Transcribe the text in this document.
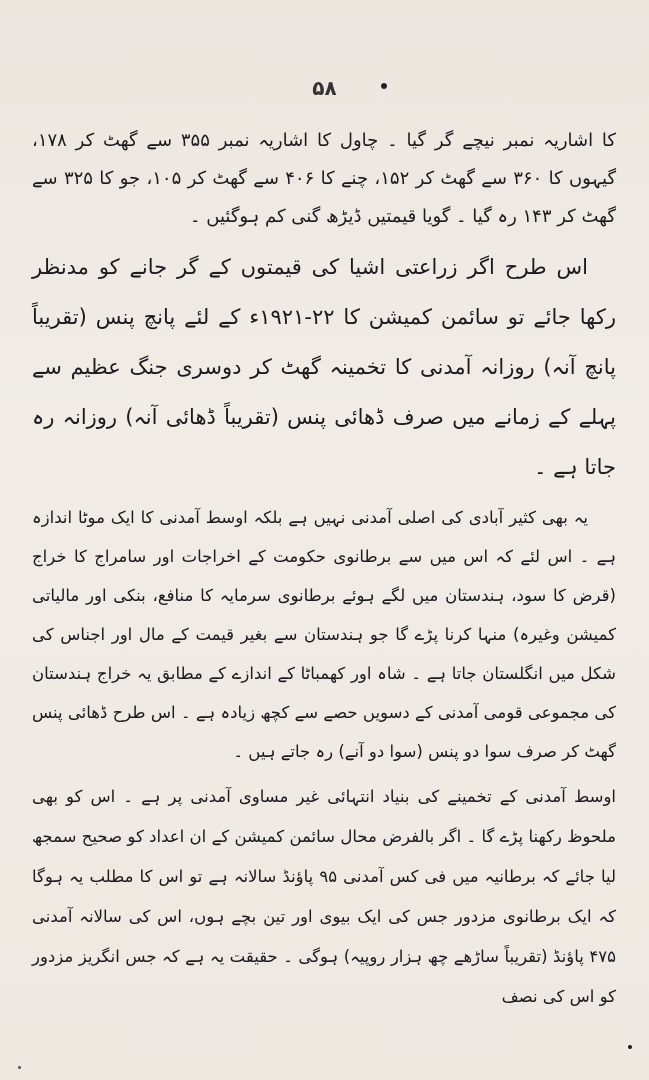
۵۸

کا اشاریہ نمبر نیچے گر گیا ۔ چاول کا اشاریہ نمبر ۳۵۵ سے گھٹ کر ۱۷۸، گیہوں کا ۳۶۰ سے گھٹ کر ۱۵۲، چنے کا ۴۰۶ سے گھٹ کر ۱۰۵، جو کا ۳۲۵ سے گھٹ کر ۱۴۳ رہ گیا ۔ گویا قیمتیں ڈیڑھ گنی کم ہوگئیں ۔

اس طرح اگر زراعتی اشیا کی قیمتوں کے گر جانے کو مدنظر رکھا جائے تو سائمن کمیشن کا ۲۲-۱۹۲۱ء کے لئے پانچ پنس (تقریباً پانچ آنہ) روزانہ آمدنی کا تخمینہ گھٹ کر دوسری جنگ عظیم سے پہلے کے زمانے میں صرف ڈھائی پنس (تقریباً ڈھائی آنہ) روزانہ رہ جاتا ہے ۔

یہ بھی کثیر آبادی کی اصلی آمدنی نہیں ہے بلکہ اوسط آمدنی کا ایک موٹا اندازہ ہے ۔ اس لئے کہ اس میں سے برطانوی حکومت کے اخراجات اور سامراج کا خراج (قرض کا سود، ہندستان میں لگے ہوئے برطانوی سرمایہ کا منافع، بنکی اور مالیاتی کمیشن وغیرہ) منہا کرنا پڑے گا جو ہندستان سے بغیر قیمت کے مال اور اجناس کی شکل میں انگلستان جاتا ہے ۔ شاہ اور کھمباٹا کے اندازے کے مطابق یہ خراج ہندستان کی مجموعی قومی آمدنی کے دسویں حصے سے کچھ زیادہ ہے ۔ اس طرح ڈھائی پنس گھٹ کر صرف سوا دو پنس (سوا دو آنے) رہ جاتے ہیں ۔

اوسط آمدنی کے تخمینے کی بنیاد انتہائی غیر مساوی آمدنی پر ہے ۔ اس کو بھی ملحوظ رکھنا پڑے گا ۔ اگر بالفرض محال سائمن کمیشن کے ان اعداد کو صحیح سمجھ لیا جائے کہ برطانیہ میں فی کس آمدنی ۹۵ پاؤنڈ سالانہ ہے تو اس کا مطلب یہ ہوگا کہ ایک برطانوی مزدور جس کی ایک بیوی اور تین بچے ہوں، اس کی سالانہ آمدنی ۴۷۵ پاؤنڈ (تقریباً ساڑھے چھ ہزار روپیہ) ہوگی ۔ حقیقت یہ ہے کہ جس انگریز مزدور کو اس کی نصف
